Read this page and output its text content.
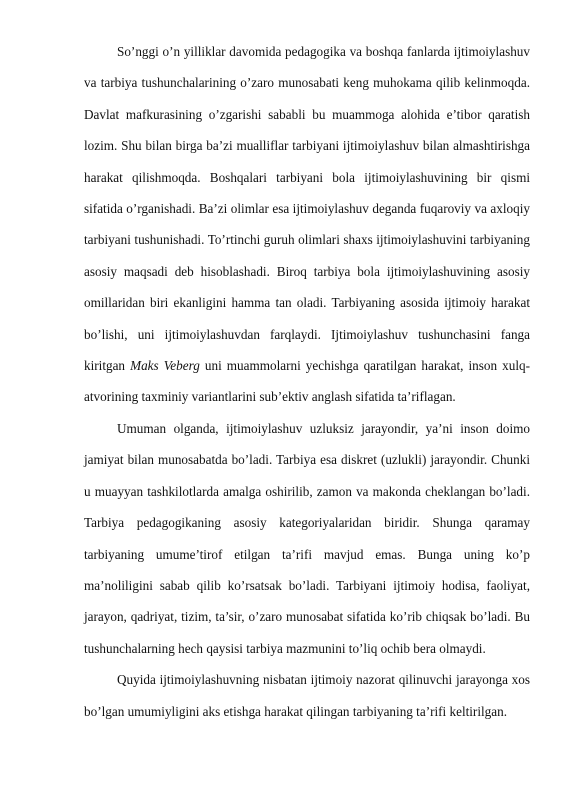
So’nggi o’n yilliklar davomida pedagogika va boshqa fanlarda ijtimoiylashuv va tarbiya tushunchalarining o’zaro munosabati keng muhokama qilib kelinmoqda. Davlat mafkurasining o’zgarishi sababli bu muammoga alohida e’tibor qaratish lozim. Shu bilan birga ba’zi mualliflar tarbiyani ijtimoiylashuv bilan almashtirishga harakat qilishmoqda. Boshqalari tarbiyani bola ijtimoiylashuvining bir qismi sifatida o’rganishadi. Ba’zi olimlar esa ijtimoiylashuv deganda fuqaroviy va axloqiy tarbiyani tushunishadi. To’rtinchi guruh olimlari shaxs ijtimoiylashuvini tarbiyaning asosiy maqsadi deb hisoblashadi. Biroq tarbiya bola ijtimoiylashuvining asosiy omillaridan biri ekanligini hamma tan oladi. Tarbiyaning asosida ijtimoiy harakat bo’lishi, uni ijtimoiylashuvdan farqlaydi. Ijtimoiylashuv tushunchasini fanga kiritgan Maks Veberg uni muammolarni yechishga qaratilgan harakat, inson xulq-atvorining taxminiy variantlarini sub’ektiv anglash sifatida ta’riflagan.

Umuman olganda, ijtimoiylashuv uzluksiz jarayondir, ya’ni inson doimo jamiyat bilan munosabatda bo’ladi. Tarbiya esa diskret (uzlukli) jarayondir. Chunki u muayyan tashkilotlarda amalga oshirilib, zamon va makonda cheklangan bo’ladi. Tarbiya pedagogikaning asosiy kategoriyalaridan biridir. Shunga qaramay tarbiyaning umume’tirof etilgan ta’rifi mavjud emas. Bunga uning ko’p ma’noliligini sabab qilib ko’rsatsak bo’ladi. Tarbiyani ijtimoiy hodisa, faoliyat, jarayon, qadriyat, tizim, ta’sir, o’zaro munosabat sifatida ko’rib chiqsak bo’ladi. Bu tushunchalarning hech qaysisi tarbiya mazmunini to’liq ochib bera olmaydi.

Quyida ijtimoiylashuvning nisbatan ijtimoiy nazorat qilinuvchi jarayonga xos bo’lgan umumiyligini aks etishga harakat qilingan tarbiyaning ta’rifi keltirilgan.
